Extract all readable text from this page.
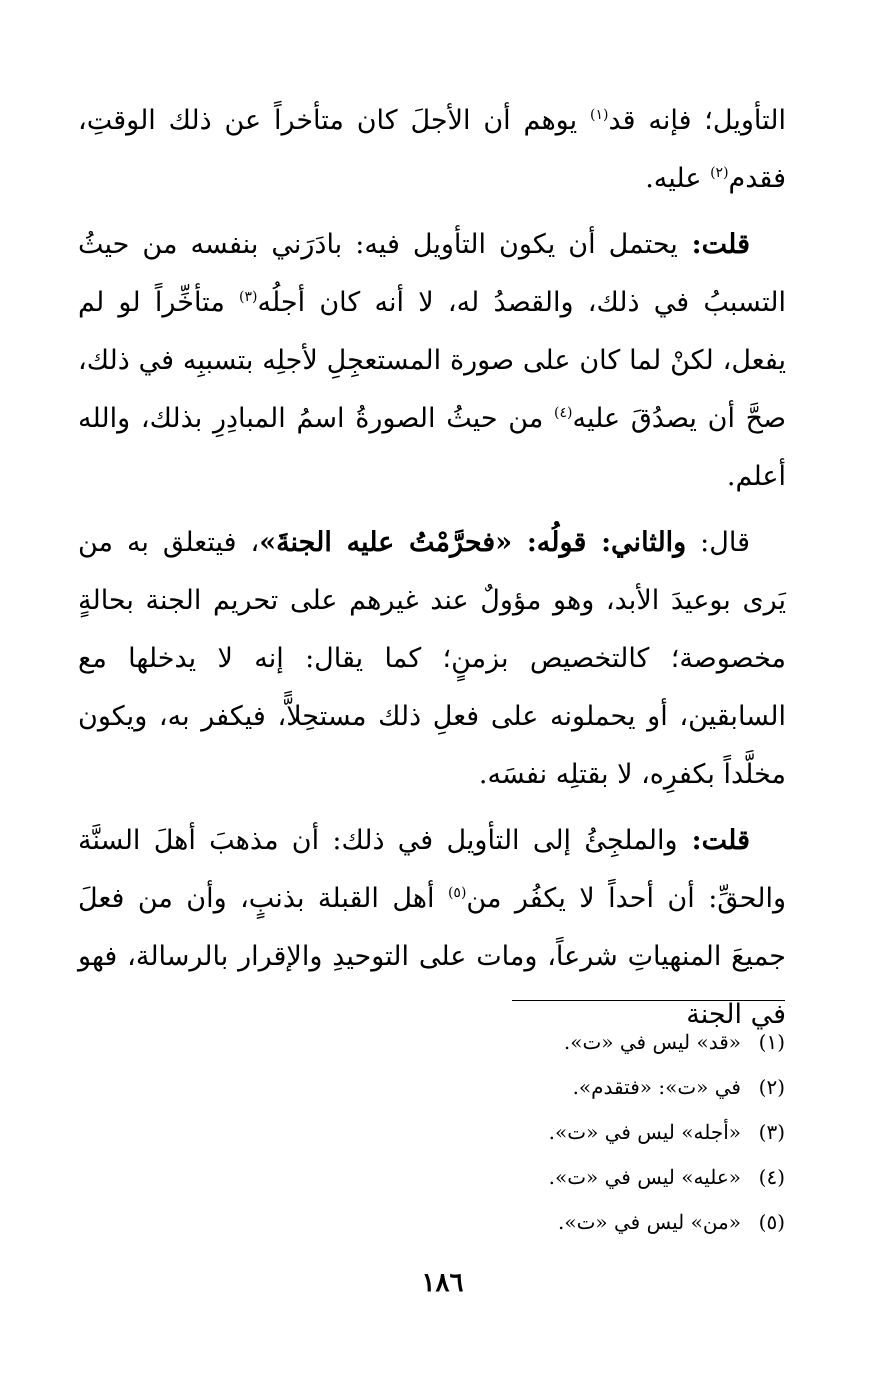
التأويل؛ فإنه قد$^{(١)}$ يوهم أن الأجلَ كان متأخراً عن ذلك الوقتِ، فقدم$^{(٢)}$ عليه.

قلت: يحتمل أن يكون التأويل فيه: بادَرَني بنفسه من حيثُ التسببُ في ذلك، والقصدُ له، لا أنه كان أجلُه$^{(٣)}$ متأخِّراً لو لم يفعل، لكنْ لما كان على صورة المستعجِلِ لأجلِه بتسببِه في ذلك، صحَّ أن يصدُقَ عليه$^{(٤)}$ من حيثُ الصورةُ اسمُ المبادِرِ بذلك، والله أعلم.

قال: والثاني: قولُه: «فحرَّمْتُ عليه الجنةَ»، فيتعلق به من يَرى بوعيدَ الأبد، وهو مؤولٌ عند غيرهم على تحريم الجنة بحالةٍ مخصوصة؛ كالتخصيص بزمنٍ؛ كما يقال: إنه لا يدخلها مع السابقين، أو يحملونه على فعلِ ذلك مستحِلاًّ، فيكفر به، ويكون مخلَّداً بكفرِه، لا بقتلِه نفسَه.

قلت: والملجِئُ إلى التأويل في ذلك: أن مذهبَ أهلَ السنَّة والحقِّ: أن أحداً لا يكفُر من$^{(٥)}$ أهل القبلة بذنبٍ، وأن من فعلَ جميعَ المنهياتِ شرعاً، ومات على التوحيدِ والإقرار بالرسالة، فهو في الجنة

(١)«قد» ليس في «ت».
(٢)في «ت»: «فتقدم».
(٣)«أجله» ليس في «ت».
(٤)«عليه» ليس في «ت».
(٥)«من» ليس في «ت».
١٨٦
